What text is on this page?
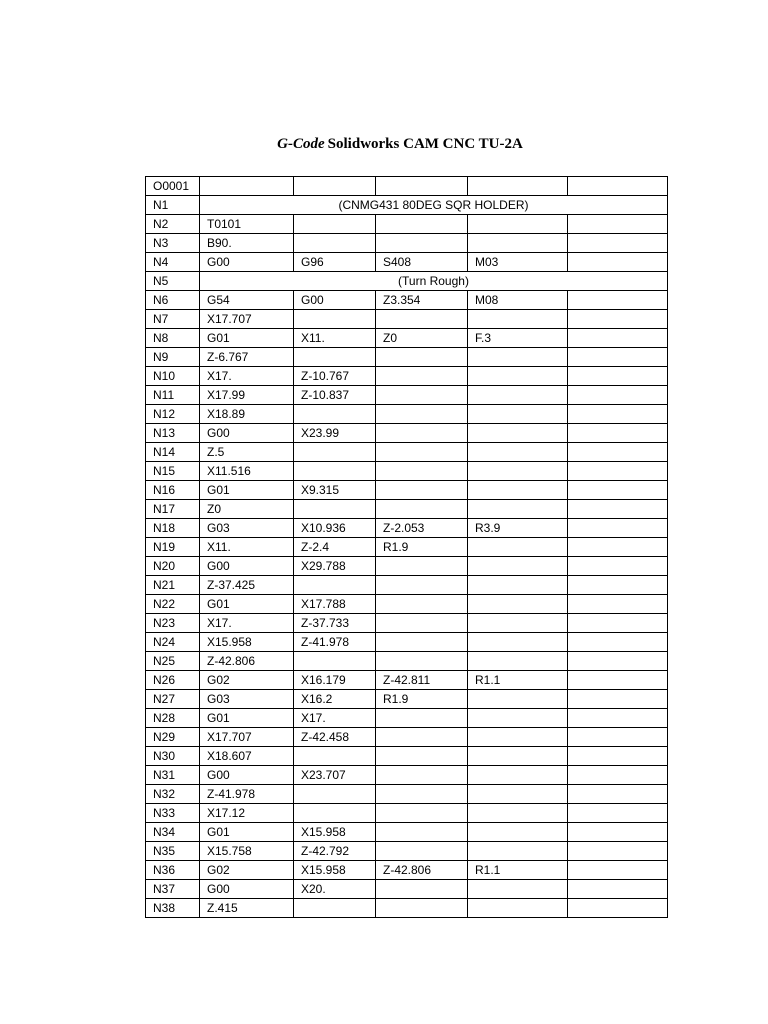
G-Code Solidworks CAM CNC TU-2A
O0001					
N1	(CNMG431 80DEG SQR HOLDER)				
N2	T0101				
N3	B90.				
N4	G00	G96	S408	M03	
N5	(Turn Rough)				
N6	G54	G00	Z3.354	M08	
N7	X17.707				
N8	G01	X11.	Z0	F.3	
N9	Z-6.767				
N10	X17.	Z-10.767			
N11	X17.99	Z-10.837			
N12	X18.89				
N13	G00	X23.99			
N14	Z.5				
N15	X11.516				
N16	G01	X9.315			
N17	Z0				
N18	G03	X10.936	Z-2.053	R3.9	
N19	X11.	Z-2.4	R1.9		
N20	G00	X29.788			
N21	Z-37.425				
N22	G01	X17.788			
N23	X17.	Z-37.733			
N24	X15.958	Z-41.978			
N25	Z-42.806				
N26	G02	X16.179	Z-42.811	R1.1	
N27	G03	X16.2	R1.9		
N28	G01	X17.			
N29	X17.707	Z-42.458			
N30	X18.607				
N31	G00	X23.707			
N32	Z-41.978				
N33	X17.12				
N34	G01	X15.958			
N35	X15.758	Z-42.792			
N36	G02	X15.958	Z-42.806	R1.1	
N37	G00	X20.			
N38	Z.415				
